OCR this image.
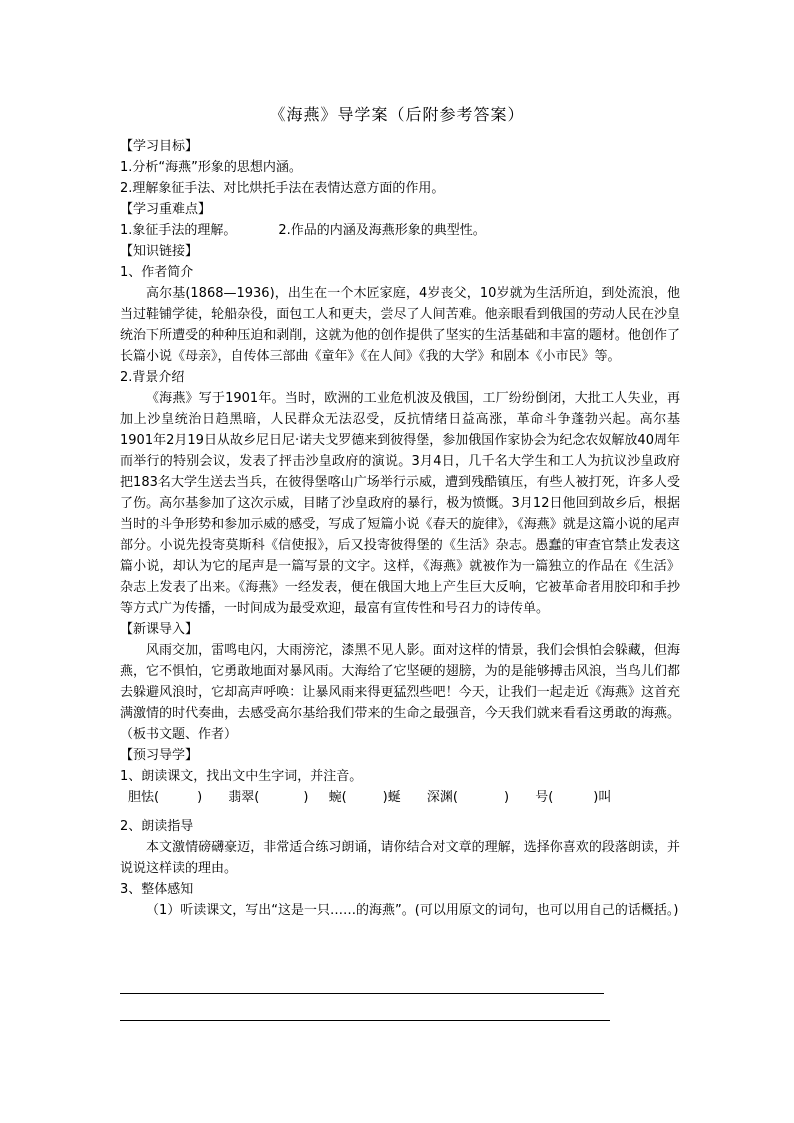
《海燕》导学案（后附参考答案）
【学习目标】
1.分析“海燕”形象的思想内涵。
2.理解象征手法、对比烘托手法在表情达意方面的作用。
【学习重难点】
1.象征手法的理解。	2.作品的内涵及海燕形象的典型性。
【知识链接】
1、作者简介

高尔基(1868—1936)，出生在一个木匠家庭，4岁丧父，10岁就为生活所迫，到处流浪，他当过鞋铺学徒，轮船杂役，面包工人和更夫，尝尽了人间苦难。他亲眼看到俄国的劳动人民在沙皇统治下所遭受的种种压迫和剥削，这就为他的创作提供了坚实的生活基础和丰富的题材。他创作了长篇小说《母亲》，自传体三部曲《童年》《在人间》《我的大学》和剧本《小市民》等。

2.背景介绍

《海燕》写于1901年。当时，欧洲的工业危机波及俄国，工厂纷纷倒闭，大批工人失业，再加上沙皇统治日趋黑暗，人民群众无法忍受，反抗情绪日益高涨，革命斗争蓬勃兴起。高尔基1901年2月19日从故乡尼日尼·诺夫戈罗德来到彼得堡，参加俄国作家协会为纪念农奴解放40周年而举行的特别会议，发表了抨击沙皇政府的演说。3月4日，几千名大学生和工人为抗议沙皇政府把183名大学生送去当兵，在彼得堡喀山广场举行示威，遭到残酷镇压，有些人被打死，许多人受了伤。高尔基参加了这次示威，目睹了沙皇政府的暴行，极为愤慨。3月12日他回到故乡后，根据当时的斗争形势和参加示威的感受，写成了短篇小说《春天的旋律》，《海燕》就是这篇小说的尾声部分。小说先投寄莫斯科《信使报》，后又投寄彼得堡的《生活》杂志。愚蠢的审查官禁止发表这篇小说，却认为它的尾声是一篇写景的文字。这样，《海燕》就被作为一篇独立的作品在《生活》杂志上发表了出来。《海燕》一经发表，便在俄国大地上产生巨大反响，它被革命者用胶印和手抄等方式广为传播，一时间成为最受欢迎，最富有宣传性和号召力的诗传单。

【新课导入】

风雨交加，雷鸣电闪，大雨滂沱，漆黑不见人影。面对这样的情景，我们会惧怕会躲藏，但海燕，它不惧怕，它勇敢地面对暴风雨。大海给了它坚硬的翅膀，为的是能够搏击风浪，当鸟儿们都去躲避风浪时，它却高声呼唤：让暴风雨来得更猛烈些吧！今天，让我们一起走近《海燕》这首充满激情的时代奏曲，去感受高尔基给我们带来的生命之最强音，今天我们就来看看这勇敢的海燕。（板书文题、作者）

【预习导学】
1、朗读课文，找出文中生字词，并注音。
胆怯(	) 翡翠(	) 蜿(	)蜒 深渊(	) 号(	)叫
2、朗读指导

本文激情磅礴豪迈，非常适合练习朗诵，请你结合对文章的理解，选择你喜欢的段落朗读，并说说这样读的理由。

3、整体感知

（1）听读课文，写出“这是一只……的海燕”。(可以用原文的词句，也可以用自己的话概括。)
